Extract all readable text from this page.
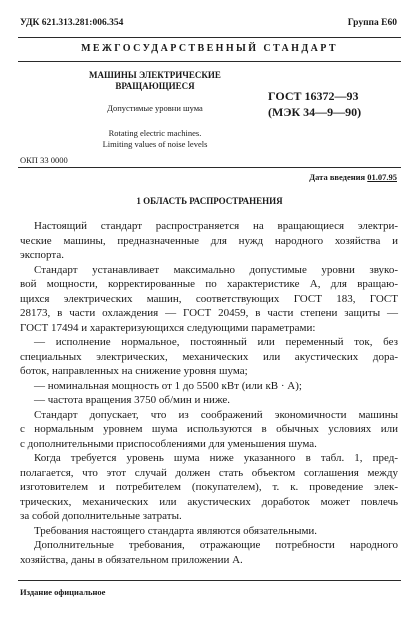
УДК 621.313.281:006.354	Группа Е60
МЕЖГОСУДАРСТВЕННЫЙ СТАНДАРТ
МАШИНЫ ЭЛЕКТРИЧЕСКИЕ
ВРАЩАЮЩИЕСЯ
Допустимые уровни шума
Rotating electric machines.
Limiting values of noise levels
ГОСТ 16372—93
(МЭК 34—9—90)
ОКП 33 0000
Дата введения 01.07.95
1 ОБЛАСТЬ РАСПРОСТРАНЕНИЯ
Настоящий стандарт распространяется на вращающиеся электри-
ческие машины, предназначенные для нужд народного хозяйства и
экспорта.
Стандарт устанавливает максимально допустимые уровни звуко-
вой мощности, корректированные по характеристике А, для вращаю-
щихся электрических машин, соответствующих ГОСТ 183, ГОСТ
28173, в части охлаждения — ГОСТ 20459, в части степени защиты —
ГОСТ 17494 и характеризующихся следующими параметрами:
— исполнение нормальное, постоянный или переменный ток, без
специальных электрических, механических или акустических дора-
боток, направленных на снижение уровня шума;
— номинальная мощность от 1 до 5500 кВт (или кВ · А);
— частота вращения 3750 об/мин и ниже.
Стандарт допускает, что из соображений экономичности машины
с нормальным уровнем шума используются в обычных условиях или
с дополнительными приспособлениями для уменьшения шума.
Когда требуется уровень шума ниже указанного в табл. 1, пред-
полагается, что этот случай должен стать объектом соглашения между
изготовителем и потребителем (покупателем), т. к. проведение элек-
трических, механических или акустических доработок может повлечь
за собой дополнительные затраты.
Требования настоящего стандарта являются обязательными.
Дополнительные требования, отражающие потребности народного
хозяйства, даны в обязательном приложении А.
Издание официальное
